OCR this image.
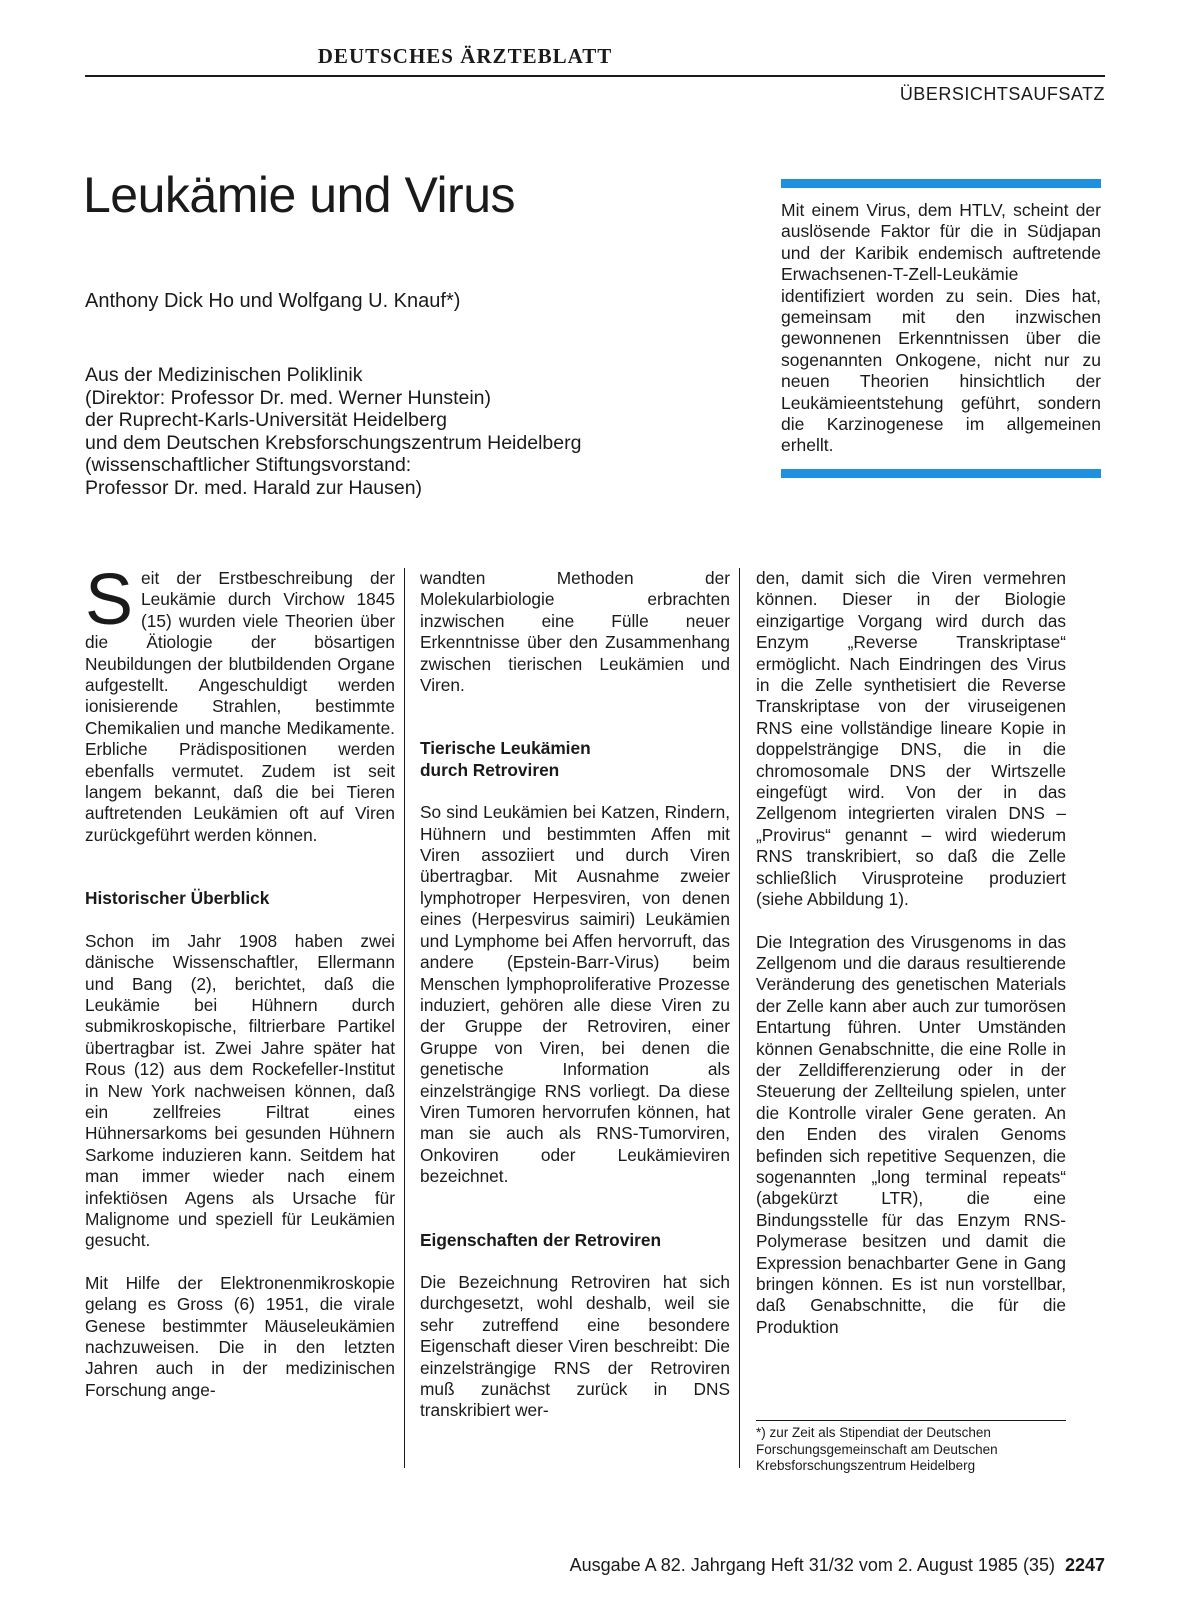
DEUTSCHES ÄRZTEBLATT
ÜBERSICHTSAUFSATZ
Leukämie und Virus
Anthony Dick Ho und Wolfgang U. Knauf*)
Aus der Medizinischen Poliklinik
(Direktor: Professor Dr. med. Werner Hunstein)
der Ruprecht-Karls-Universität Heidelberg
und dem Deutschen Krebsforschungszentrum Heidelberg
(wissenschaftlicher Stiftungsvorstand:
Professor Dr. med. Harald zur Hausen)
Mit einem Virus, dem HTLV, scheint der auslösende Faktor für die in Südjapan und der Karibik endemisch auftretende Erwachsenen-T-Zell-Leukämie identifiziert worden zu sein. Dies hat, gemeinsam mit den inzwischen gewonnenen Erkenntnissen über die sogenannten Onkogene, nicht nur zu neuen Theorien hinsichtlich der Leukämieentstehung geführt, sondern die Karzinogenese im allgemeinen erhellt.

Seit der Erstbeschreibung der Leukämie durch Virchow 1845 (15) wurden viele Theorien über die Ätiologie der bösartigen Neubildungen der blutbildenden Organe aufgestellt. Angeschuldigt werden ionisierende Strahlen, bestimmte Chemikalien und manche Medikamente. Erbliche Prädispositionen werden ebenfalls vermutet. Zudem ist seit langem bekannt, daß die bei Tieren auftretenden Leukämien oft auf Viren zurückgeführt werden können.

Historischer Überblick

Schon im Jahr 1908 haben zwei dänische Wissenschaftler, Ellermann und Bang (2), berichtet, daß die Leukämie bei Hühnern durch submikroskopische, filtrierbare Partikel übertragbar ist. Zwei Jahre später hat Rous (12) aus dem Rockefeller-Institut in New York nachweisen können, daß ein zellfreies Filtrat eines Hühnersarkoms bei gesunden Hühnern Sarkome induzieren kann. Seitdem hat man immer wieder nach einem infektiösen Agens als Ursache für Malignome und speziell für Leukämien gesucht.

Mit Hilfe der Elektronenmikroskopie gelang es Gross (6) 1951, die virale Genese bestimmter Mäuseleukämien nachzuweisen. Die in den letzten Jahren auch in der medizinischen Forschung ange-

wandten Methoden der Molekularbiologie erbrachten inzwischen eine Fülle neuer Erkenntnisse über den Zusammenhang zwischen tierischen Leukämien und Viren.

Tierische Leukämien durch Retroviren

So sind Leukämien bei Katzen, Rindern, Hühnern und bestimmten Affen mit Viren assoziiert und durch Viren übertragbar. Mit Ausnahme zweier lymphotroper Herpesviren, von denen eines (Herpesvirus saimiri) Leukämien und Lymphome bei Affen hervorruft, das andere (Epstein-Barr-Virus) beim Menschen lymphoproliferative Prozesse induziert, gehören alle diese Viren zu der Gruppe der Retroviren, einer Gruppe von Viren, bei denen die genetische Information als einzelsträngige RNS vorliegt. Da diese Viren Tumoren hervorrufen können, hat man sie auch als RNS-Tumorviren, Onkoviren oder Leukämieviren bezeichnet.

Eigenschaften der Retroviren

Die Bezeichnung Retroviren hat sich durchgesetzt, wohl deshalb, weil sie sehr zutreffend eine besondere Eigenschaft dieser Viren beschreibt: Die einzelsträngige RNS der Retroviren muß zunächst zurück in DNS transkribiert wer-

den, damit sich die Viren vermehren können. Dieser in der Biologie einzigartige Vorgang wird durch das Enzym „Reverse Transkriptase“ ermöglicht. Nach Eindringen des Virus in die Zelle synthetisiert die Reverse Transkriptase von der viruseigenen RNS eine vollständige lineare Kopie in doppelsträngige DNS, die in die chromosomale DNS der Wirtszelle eingefügt wird. Von der in das Zellgenom integrierten viralen DNS – „Provirus“ genannt – wird wiederum RNS transkribiert, so daß die Zelle schließlich Virusproteine produziert (siehe Abbildung 1).

Die Integration des Virusgenoms in das Zellgenom und die daraus resultierende Veränderung des genetischen Materials der Zelle kann aber auch zur tumorösen Entartung führen. Unter Umständen können Genabschnitte, die eine Rolle in der Zelldifferenzierung oder in der Steuerung der Zellteilung spielen, unter die Kontrolle viraler Gene geraten. An den Enden des viralen Genoms befinden sich repetitive Sequenzen, die sogenannten „long terminal repeats“ (abgekürzt LTR), die eine Bindungsstelle für das Enzym RNS-Polymerase besitzen und damit die Expression benachbarter Gene in Gang bringen können. Es ist nun vorstellbar, daß Genabschnitte, die für die Produktion

*) zur Zeit als Stipendiat der Deutschen Forschungsgemeinschaft am Deutschen Krebsforschungszentrum Heidelberg
Ausgabe A 82. Jahrgang Heft 31/32 vom 2. August 1985 (35) 2247
